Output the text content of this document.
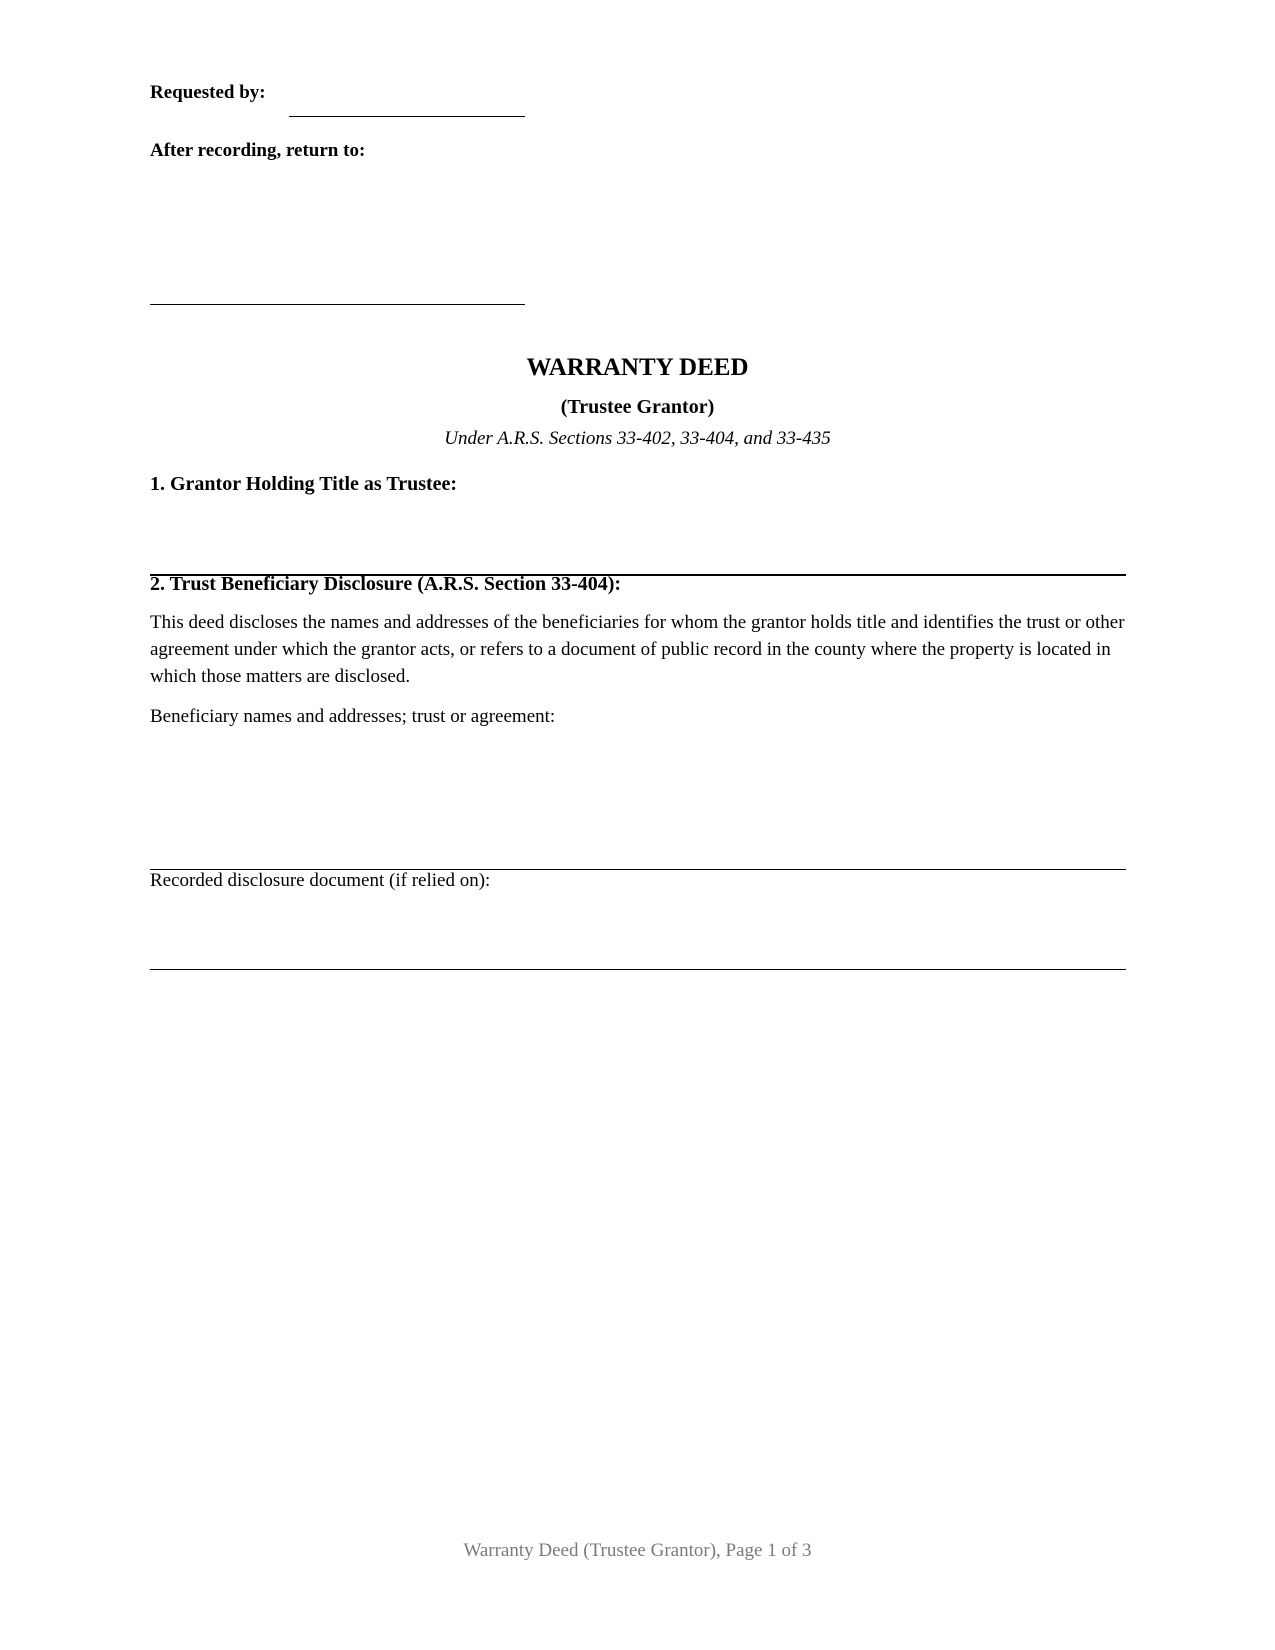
Requested by:
After recording, return to:
WARRANTY DEED
(Trustee Grantor)
Under A.R.S. Sections 33-402, 33-404, and 33-435
1. Grantor Holding Title as Trustee:
2. Trust Beneficiary Disclosure (A.R.S. Section 33-404):
This deed discloses the names and addresses of the beneficiaries for whom the grantor holds title and identifies the trust or other agreement under which the grantor acts, or refers to a document of public record in the county where the property is located in which those matters are disclosed.
Beneficiary names and addresses; trust or agreement:
Recorded disclosure document (if relied on):
Warranty Deed (Trustee Grantor), Page 1 of 3
